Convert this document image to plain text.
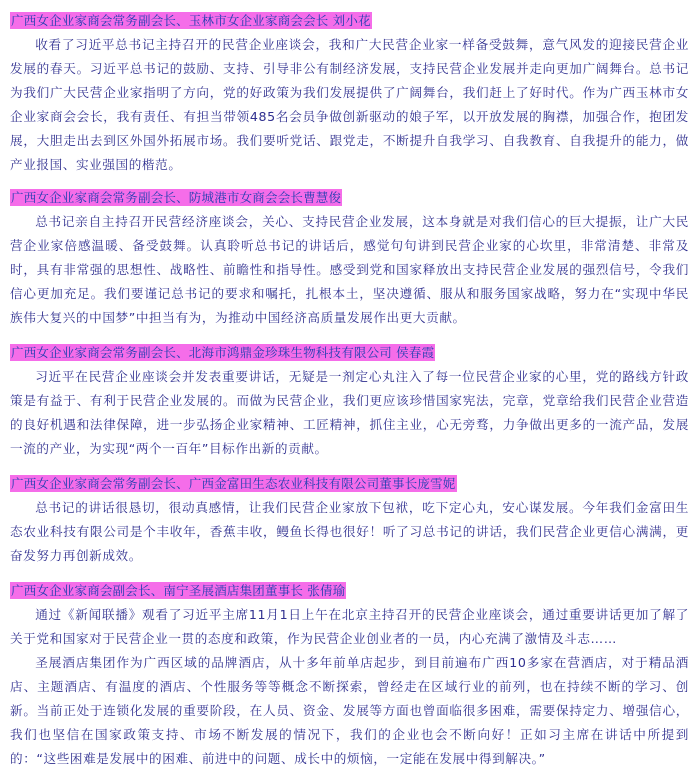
广西女企业家商会常务副会长、玉林市女企业家商会会长 刘小花

收看了习近平总书记主持召开的民营企业座谈会，我和广大民营企业家一样备受鼓舞，意气风发的迎接民营企业发展的春天。习近平总书记的鼓励、支持、引导非公有制经济发展，支持民营企业发展并走向更加广阔舞台。总书记为我们广大民营企业家指明了方向，党的好政策为我们发展提供了广阔舞台，我们赶上了好时代。作为广西玉林市女企业家商会会长，我有责任、有担当带领485名会员争做创新驱动的娘子军，以开放发展的胸襟，加强合作，抱团发展，大胆走出去到区外国外拓展市场。我们要听党话、跟党走，不断提升自我学习、自我教育、自我提升的能力，做产业报国、实业强国的楷范。

广西女企业家商会常务副会长、防城港市女商会会长曹慧俊

总书记亲自主持召开民营经济座谈会，关心、支持民营企业发展，这本身就是对我们信心的巨大提振，让广大民营企业家倍感温暖、备受鼓舞。认真聆听总书记的讲话后，感觉句句讲到民营企业家的心坎里，非常清楚、非常及时，具有非常强的思想性、战略性、前瞻性和指导性。感受到党和国家释放出支持民营企业发展的强烈信号，令我们信心更加充足。我们要谨记总书记的要求和嘱托，扎根本土，坚决遵循、服从和服务国家战略，努力在“实现中华民族伟大复兴的中国梦”中担当有为，为推动中国经济高质量发展作出更大贡献。

广西女企业家商会常务副会长、北海市鸿鼎金珍珠生物科技有限公司 侯春霞

习近平在民营企业座谈会并发表重要讲话，无疑是一剂定心丸注入了每一位民营企业家的心里，党的路线方针政策是有益于、有利于民营企业发展的。而做为民营企业，我们更应该珍惜国家宪法，完章，党章给我们民营企业营造的良好机遇和法律保障，进一步弘扬企业家精神、工匠精神，抓住主业，心无旁骛，力争做出更多的一流产品，发展一流的产业，为实现“两个一百年”目标作出新的贡献。

广西女企业家商会常务副会长、广西金富田生态农业科技有限公司董事长庞雪妮

总书记的讲话很恳切，很动真感情，让我们民营企业家放下包袱，吃下定心丸，安心谋发展。今年我们金富田生态农业科技有限公司是个丰收年，香蕉丰收，鳗鱼长得也很好！听了习总书记的讲话，我们民营企业更信心满满，更奋发努力再创新成效。

广西女企业家商会副会长、南宁圣展酒店集团董事长 张倩瑜

通过《新闻联播》观看了习近平主席11月1日上午在北京主持召开的民营企业座谈会，通过重要讲话更加了解了关于党和国家对于民营企业一贯的态度和政策，作为民营企业创业者的一员，内心充满了激情及斗志……

圣展酒店集团作为广西区域的品牌酒店，从十多年前单店起步，到目前遍布广西10多家在营酒店，对于精品酒店、主题酒店、有温度的酒店、个性服务等等概念不断探索，曾经走在区域行业的前列，也在持续不断的学习、创新。当前正处于连锁化发展的重要阶段，在人员、资金、发展等方面也曾面临很多困难，需要保持定力、增强信心，我们也坚信在国家政策支持、市场不断发展的情况下，我们的企业也会不断向好！正如习主席在讲话中所提到的：“这些困难是发展中的困难、前进中的问题、成长中的烦恼，一定能在发展中得到解决。”
